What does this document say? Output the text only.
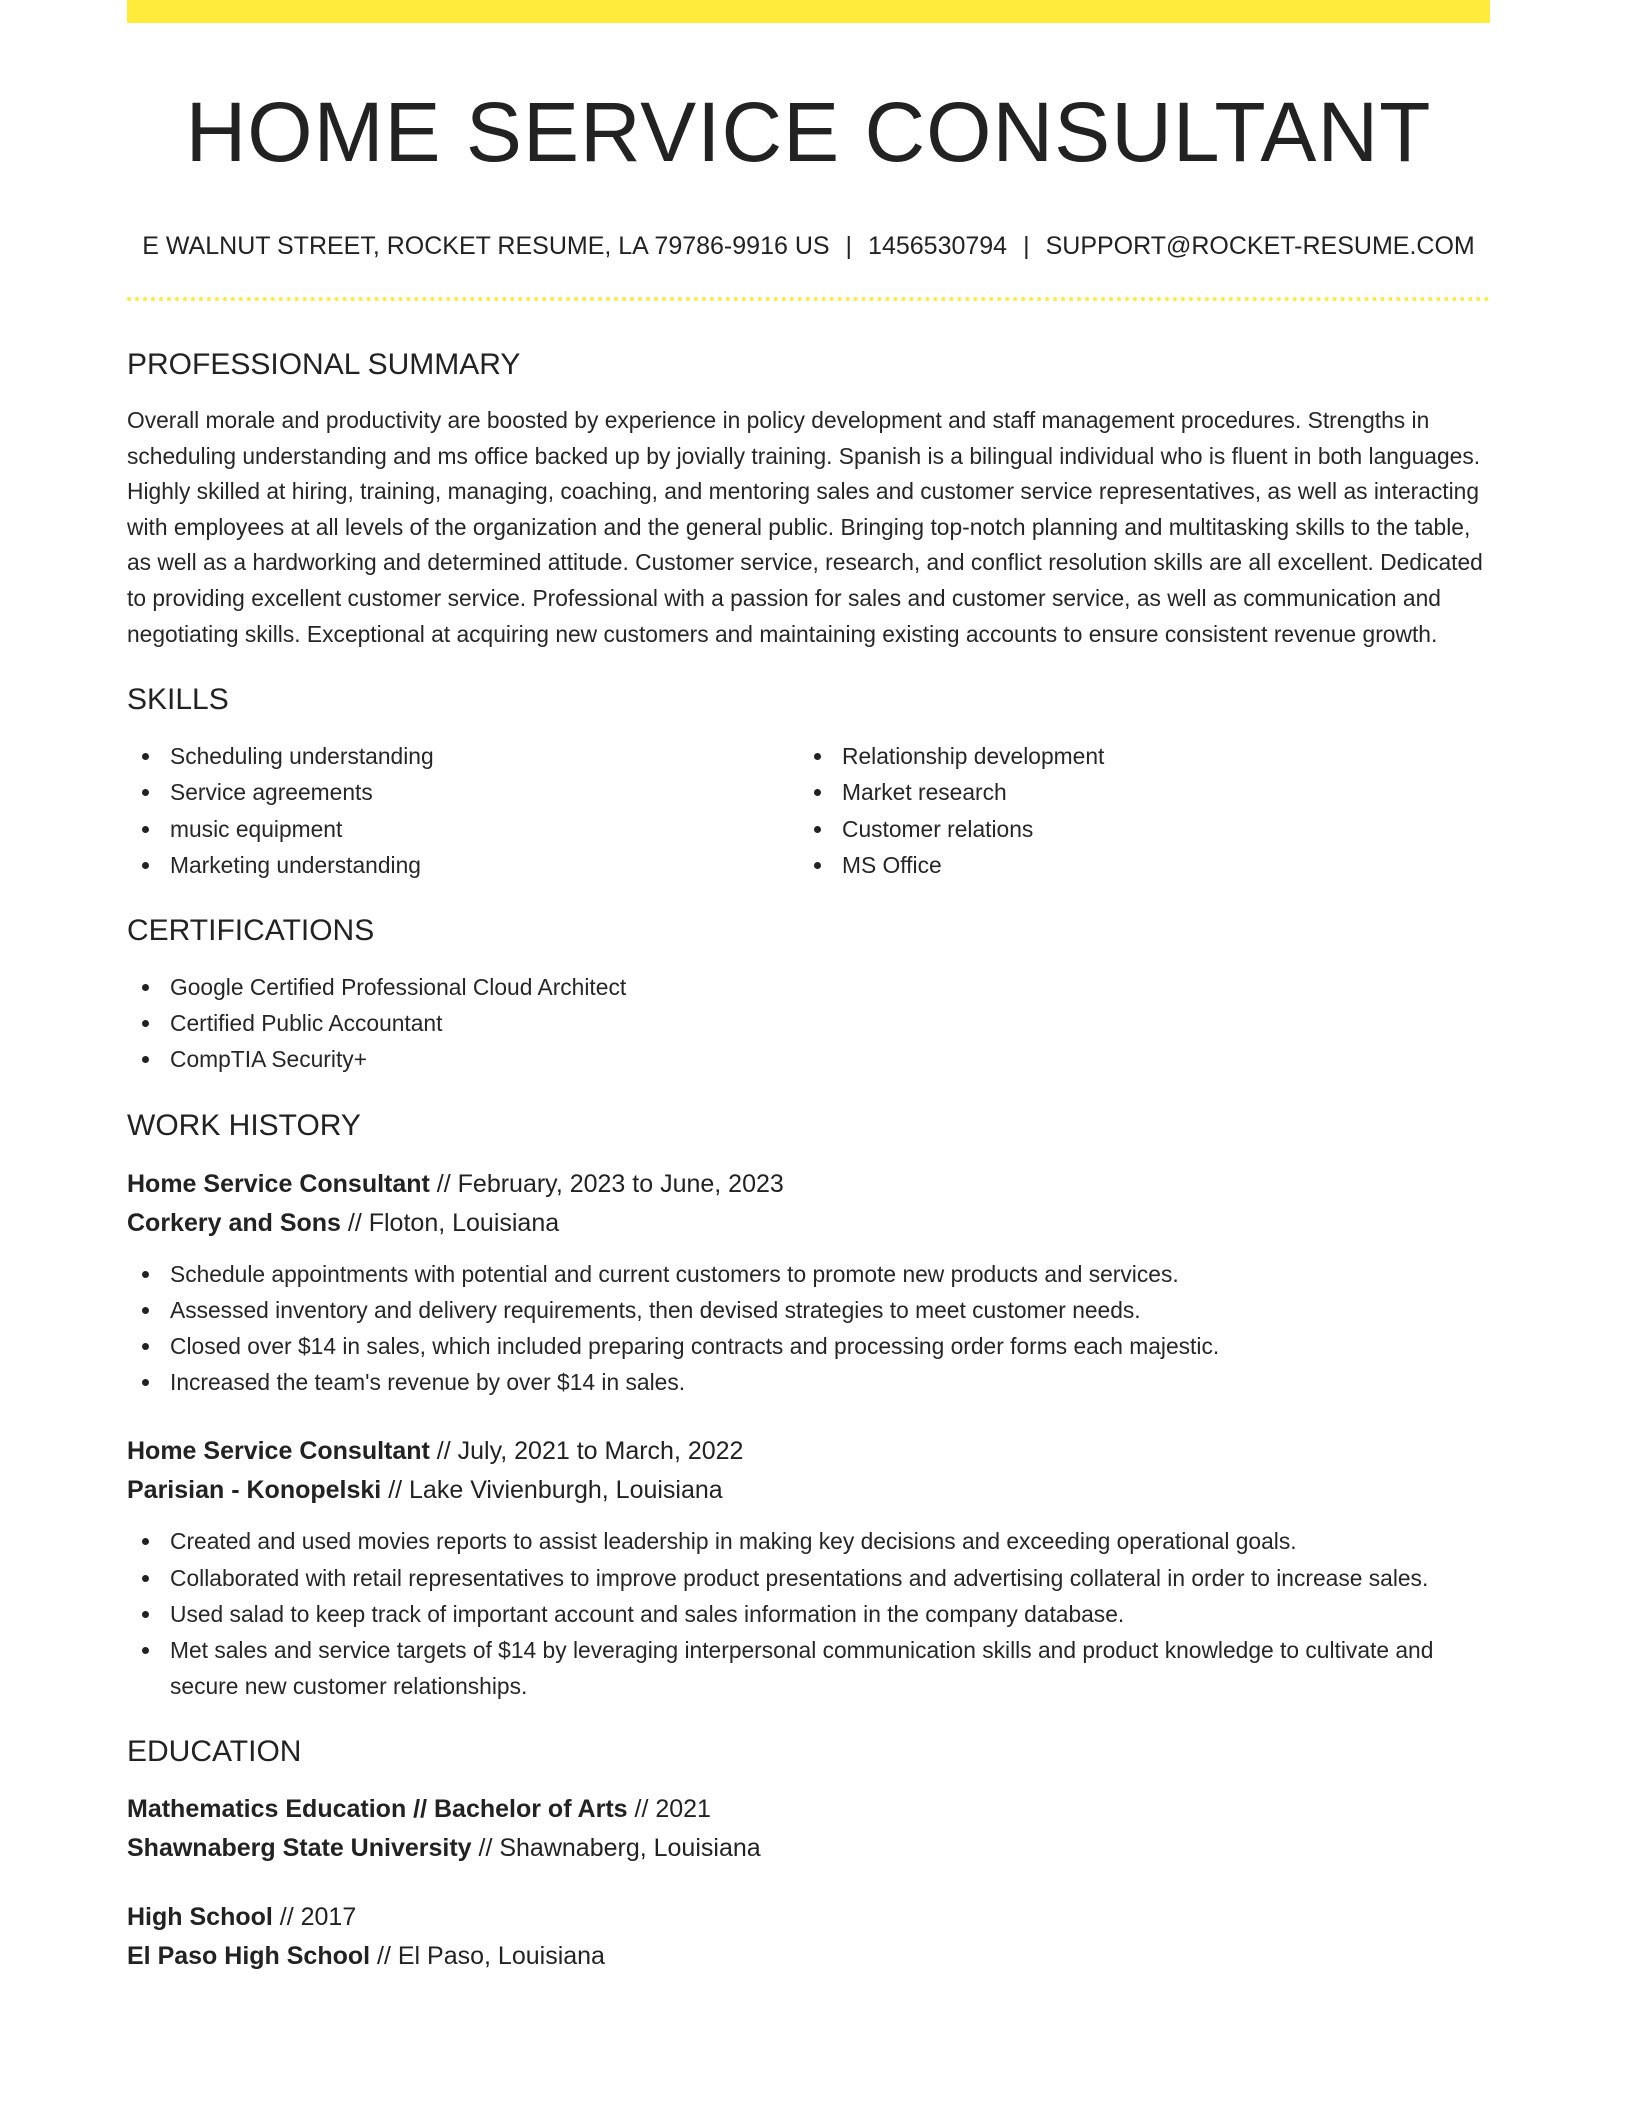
HOME SERVICE CONSULTANT
E WALNUT STREET, ROCKET RESUME, LA 79786-9916 US | 1456530794 | SUPPORT@ROCKET-RESUME.COM
PROFESSIONAL SUMMARY

Overall morale and productivity are boosted by experience in policy development and staff management procedures. Strengths in scheduling understanding and ms office backed up by jovially training. Spanish is a bilingual individual who is fluent in both languages. Highly skilled at hiring, training, managing, coaching, and mentoring sales and customer service representatives, as well as interacting with employees at all levels of the organization and the general public. Bringing top-notch planning and multitasking skills to the table, as well as a hardworking and determined attitude. Customer service, research, and conflict resolution skills are all excellent. Dedicated to providing excellent customer service. Professional with a passion for sales and customer service, as well as communication and negotiating skills. Exceptional at acquiring new customers and maintaining existing accounts to ensure consistent revenue growth.

SKILLS
Scheduling understanding
Service agreements
music equipment
Marketing understanding
Relationship development
Market research
Customer relations
MS Office
CERTIFICATIONS
Google Certified Professional Cloud Architect
Certified Public Accountant
CompTIA Security+
WORK HISTORY
Home Service Consultant // February, 2023 to June, 2023
Corkery and Sons // Floton, Louisiana
Schedule appointments with potential and current customers to promote new products and services.
Assessed inventory and delivery requirements, then devised strategies to meet customer needs.
Closed over $14 in sales, which included preparing contracts and processing order forms each majestic.
Increased the team's revenue by over $14 in sales.
Home Service Consultant // July, 2021 to March, 2022
Parisian - Konopelski // Lake Vivienburgh, Louisiana
Created and used movies reports to assist leadership in making key decisions and exceeding operational goals.
Collaborated with retail representatives to improve product presentations and advertising collateral in order to increase sales.
Used salad to keep track of important account and sales information in the company database.
Met sales and service targets of $14 by leveraging interpersonal communication skills and product knowledge to cultivate and secure new customer relationships.
EDUCATION
Mathematics Education // Bachelor of Arts // 2021
Shawnaberg State University // Shawnaberg, Louisiana
High School // 2017
El Paso High School // El Paso, Louisiana
